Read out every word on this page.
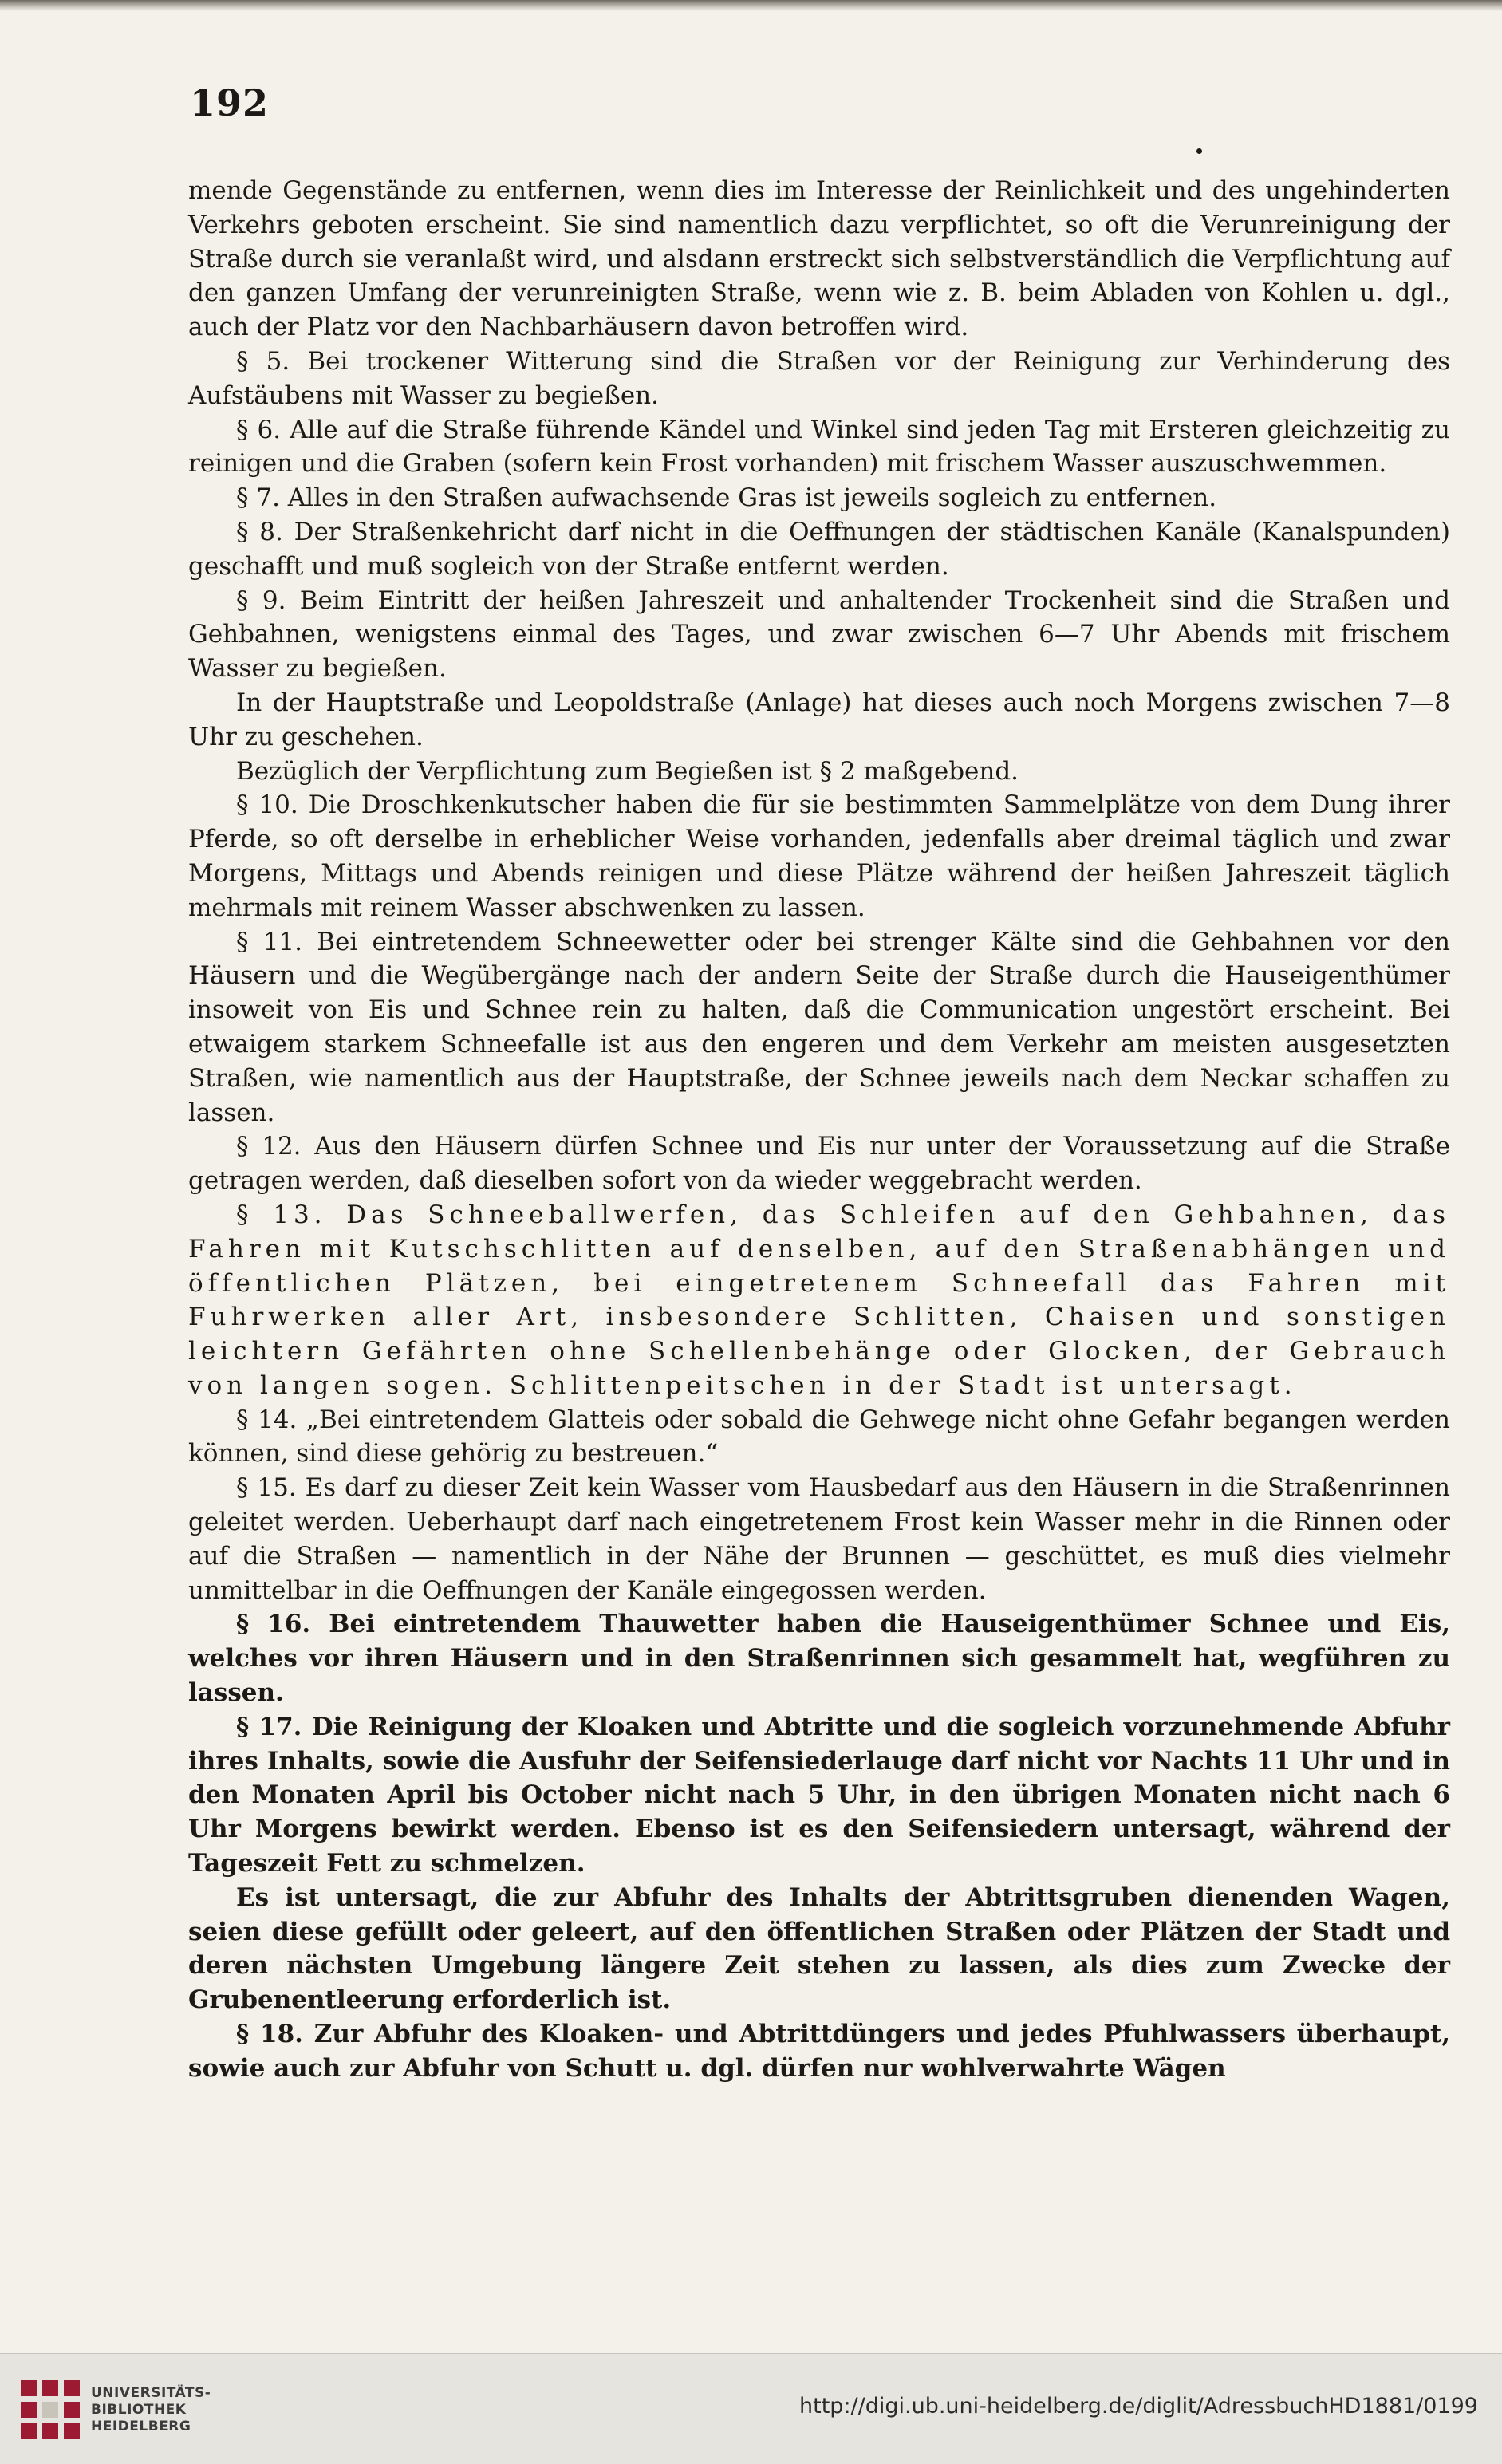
192

mende Gegenstände zu entfernen, wenn dies im Interesse der Reinlichkeit und des ungehinderten Verkehrs geboten erscheint. Sie sind namentlich dazu verpflichtet, so oft die Verunreinigung der Straße durch sie veranlaßt wird, und alsdann erstreckt sich selbstverständlich die Verpflichtung auf den ganzen Umfang der verunreinigten Straße, wenn wie z. B. beim Abladen von Kohlen u. dgl., auch der Platz vor den Nachbarhäusern davon betroffen wird.

§ 5. Bei trockener Witterung sind die Straßen vor der Reinigung zur Verhinderung des Aufstäubens mit Wasser zu begießen.

§ 6. Alle auf die Straße führende Kändel und Winkel sind jeden Tag mit Ersteren gleichzeitig zu reinigen und die Graben (sofern kein Frost vorhanden) mit frischem Wasser auszuschwemmen.

§ 7. Alles in den Straßen aufwachsende Gras ist jeweils sogleich zu entfernen.

§ 8. Der Straßenkehricht darf nicht in die Oeffnungen der städtischen Kanäle (Kanalspunden) geschafft und muß sogleich von der Straße entfernt werden.

§ 9. Beim Eintritt der heißen Jahreszeit und anhaltender Trockenheit sind die Straßen und Gehbahnen, wenigstens einmal des Tages, und zwar zwischen 6—7 Uhr Abends mit frischem Wasser zu begießen.

In der Hauptstraße und Leopoldstraße (Anlage) hat dieses auch noch Morgens zwischen 7—8 Uhr zu geschehen.

Bezüglich der Verpflichtung zum Begießen ist § 2 maßgebend.

§ 10. Die Droschkenkutscher haben die für sie bestimmten Sammelplätze von dem Dung ihrer Pferde, so oft derselbe in erheblicher Weise vorhanden, jedenfalls aber dreimal täglich und zwar Morgens, Mittags und Abends reinigen und diese Plätze während der heißen Jahreszeit täglich mehrmals mit reinem Wasser abschwenken zu lassen.

§ 11. Bei eintretendem Schneewetter oder bei strenger Kälte sind die Gehbahnen vor den Häusern und die Wegübergänge nach der andern Seite der Straße durch die Hauseigenthümer insoweit von Eis und Schnee rein zu halten, daß die Communication ungestört erscheint. Bei etwaigem starkem Schneefalle ist aus den engeren und dem Verkehr am meisten ausgesetzten Straßen, wie namentlich aus der Hauptstraße, der Schnee jeweils nach dem Neckar schaffen zu lassen.

§ 12. Aus den Häusern dürfen Schnee und Eis nur unter der Voraussetzung auf die Straße getragen werden, daß dieselben sofort von da wieder weggebracht werden.

§ 13. Das Schneeballwerfen, das Schleifen auf den Gehbahnen, das Fahren mit Kutschschlitten auf denselben, auf den Straßenabhängen und öffentlichen Plätzen, bei eingetretenem Schneefall das Fahren mit Fuhrwerken aller Art, insbesondere Schlitten, Chaisen und sonstigen leichtern Gefährten ohne Schellenbehänge oder Glocken, der Gebrauch von langen sogen. Schlittenpeitschen in der Stadt ist untersagt.

§ 14. „Bei eintretendem Glatteis oder sobald die Gehwege nicht ohne Gefahr begangen werden können, sind diese gehörig zu bestreuen.“

§ 15. Es darf zu dieser Zeit kein Wasser vom Hausbedarf aus den Häusern in die Straßenrinnen geleitet werden. Ueberhaupt darf nach eingetretenem Frost kein Wasser mehr in die Rinnen oder auf die Straßen — namentlich in der Nähe der Brunnen — geschüttet, es muß dies vielmehr unmittelbar in die Oeffnungen der Kanäle eingegossen werden.

§ 16. Bei eintretendem Thauwetter haben die Hauseigenthümer Schnee und Eis, welches vor ihren Häusern und in den Straßenrinnen sich gesammelt hat, wegführen zu lassen.

§ 17. Die Reinigung der Kloaken und Abtritte und die sogleich vorzunehmende Abfuhr ihres Inhalts, sowie die Ausfuhr der Seifensiederlauge darf nicht vor Nachts 11 Uhr und in den Monaten April bis October nicht nach 5 Uhr, in den übrigen Monaten nicht nach 6 Uhr Morgens bewirkt werden. Ebenso ist es den Seifensiedern untersagt, während der Tageszeit Fett zu schmelzen.

Es ist untersagt, die zur Abfuhr des Inhalts der Abtrittsgruben dienenden Wagen, seien diese gefüllt oder geleert, auf den öffentlichen Straßen oder Plätzen der Stadt und deren nächsten Umgebung längere Zeit stehen zu lassen, als dies zum Zwecke der Grubenentleerung erforderlich ist.

§ 18. Zur Abfuhr des Kloaken- und Abtrittdüngers und jedes Pfuhlwassers überhaupt, sowie auch zur Abfuhr von Schutt u. dgl. dürfen nur wohlverwahrte Wägen

UNIVERSITÄTS-
BIBLIOTHEK
HEIDELBERG
http://digi.ub.uni-heidelberg.de/diglit/AdressbuchHD1881/0199
